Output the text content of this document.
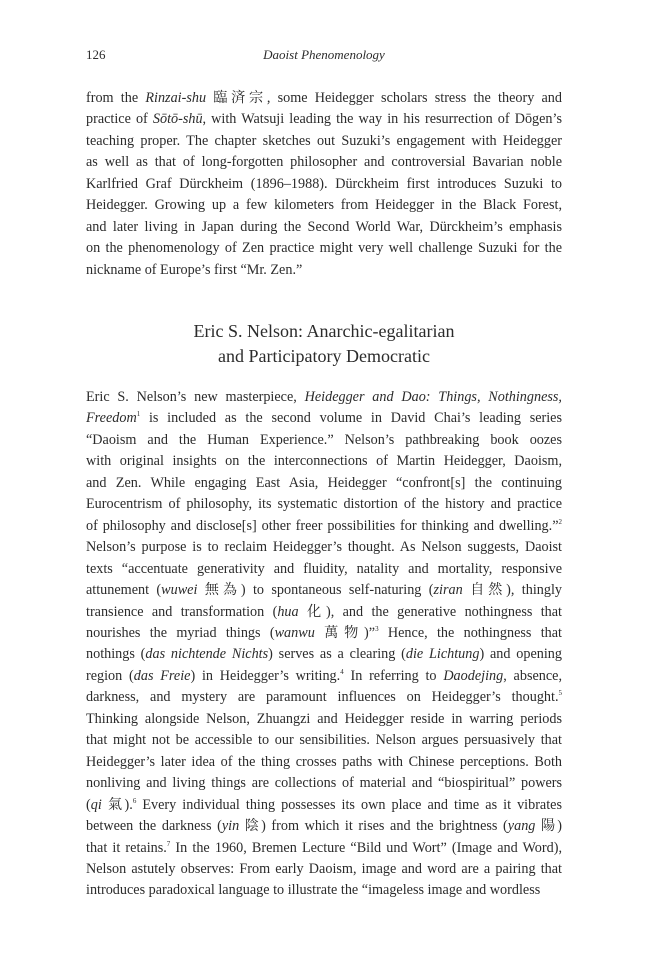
126	Daoist Phenomenology

from the Rinzai-shu 臨済宗, some Heidegger scholars stress the theory and
practice of Sōtō-shū, with Watsuji leading the way in his resurrection of Dōgen’s
teaching proper. The chapter sketches out Suzuki’s engagement with Heidegger
as well as that of long-forgotten philosopher and controversial Bavarian noble
Karlfried Graf Dürckheim (1896–1988). Dürckheim first introduces Suzuki to
Heidegger. Growing up a few kilometers from Heidegger in the Black Forest,
and later living in Japan during the Second World War, Dürckheim’s emphasis
on the phenomenology of Zen practice might very well challenge Suzuki for the
nickname of Europe’s first “Mr. Zen.”

Eric S. Nelson: Anarchic-egalitarian
and Participatory Democratic

Eric S. Nelson’s new masterpiece, Heidegger and Dao: Things, Nothingness,
Freedom$^1$ is included as the second volume in David Chai’s leading series
“Daoism and the Human Experience.” Nelson’s pathbreaking book oozes
with original insights on the interconnections of Martin Heidegger, Daoism,
and Zen. While engaging East Asia, Heidegger “confront[s] the continuing
Eurocentrism of philosophy, its systematic distortion of the history and practice
of philosophy and disclose[s] other freer possibilities for thinking and dwelling.”$^2$
Nelson’s purpose is to reclaim Heidegger’s thought. As Nelson suggests, Daoist
texts “accentuate generativity and fluidity, natality and mortality, responsive
attunement (wuwei 無為) to spontaneous self-naturing (ziran 自然), thingly
transience and transformation (hua 化), and the generative nothingness that
nourishes the myriad things (wanwu 萬物)”$^3$ Hence, the nothingness that
nothings (das nichtende Nichts) serves as a clearing (die Lichtung) and opening
region (das Freie) in Heidegger’s writing.$^4$ In referring to Daodejing, absence,
darkness, and mystery are paramount influences on Heidegger’s thought.$^5$
Thinking alongside Nelson, Zhuangzi and Heidegger reside in warring periods
that might not be accessible to our sensibilities. Nelson argues persuasively that
Heidegger’s later idea of the thing crosses paths with Chinese perceptions. Both
nonliving and living things are collections of material and “biospiritual” powers
(qi 氣).$^6$ Every individual thing possesses its own place and time as it vibrates
between the darkness (yin 陰) from which it rises and the brightness (yang 陽)
that it retains.$^7$ In the 1960, Bremen Lecture “Bild und Wort” (Image and Word),
Nelson astutely observes: From early Daoism, image and word are a pairing that
introduces paradoxical language to illustrate the “imageless image and wordless
